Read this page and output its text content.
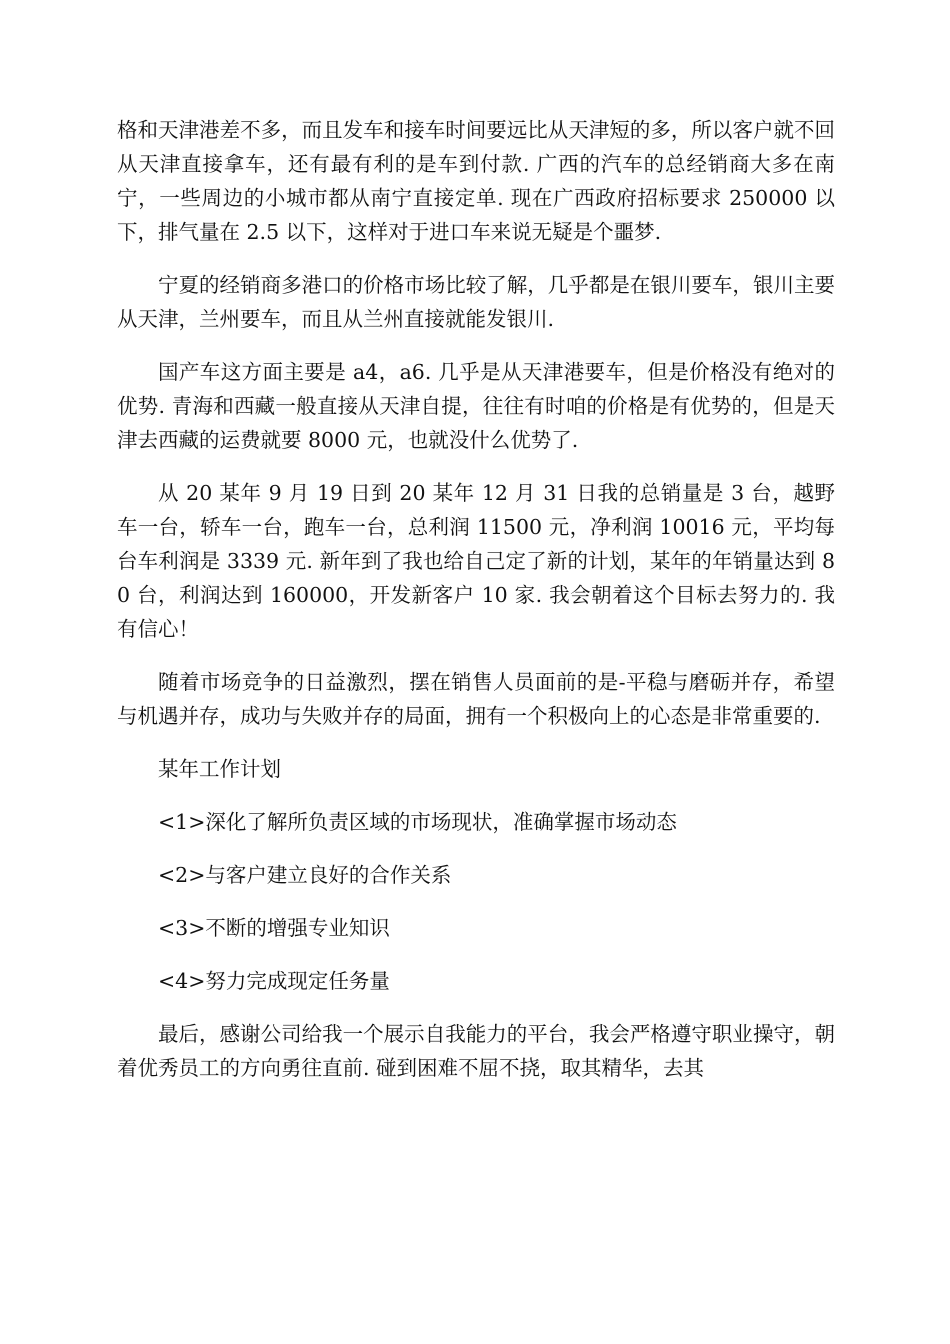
格和天津港差不多，而且发车和接车时间要远比从天津短的多，所以客户就不回从天津直接拿车，还有最有利的是车到付款. 广西的汽车的总经销商大多在南宁，一些周边的小城市都从南宁直接定单. 现在广西政府招标要求 250000 以下，排气量在 2.5 以下，这样对于进口车来说无疑是个噩梦.

宁夏的经销商多港口的价格市场比较了解，几乎都是在银川要车，银川主要从天津，兰州要车，而且从兰州直接就能发银川.

国产车这方面主要是 a4，a6. 几乎是从天津港要车，但是价格没有绝对的优势. 青海和西藏一般直接从天津自提，往往有时咱的价格是有优势的，但是天津去西藏的运费就要 8000 元，也就没什么优势了.

从 20 某年 9 月 19 日到 20 某年 12 月 31 日我的总销量是 3 台，越野车一台，轿车一台，跑车一台，总利润 11500 元，净利润 10016 元，平均每台车利润是 3339 元. 新年到了我也给自己定了新的计划，某年的年销量达到 80 台，利润达到 160000，开发新客户 10 家. 我会朝着这个目标去努力的. 我有信心！

随着市场竞争的日益激烈，摆在销售人员面前的是-平稳与磨砺并存，希望与机遇并存，成功与失败并存的局面，拥有一个积极向上的心态是非常重要的.

某年工作计划

<1>深化了解所负责区域的市场现状，准确掌握市场动态

<2>与客户建立良好的合作关系

<3>不断的增强专业知识

<4>努力完成现定任务量

最后，感谢公司给我一个展示自我能力的平台，我会严格遵守职业操守，朝着优秀员工的方向勇往直前. 碰到困难不屈不挠，取其精华，去其
